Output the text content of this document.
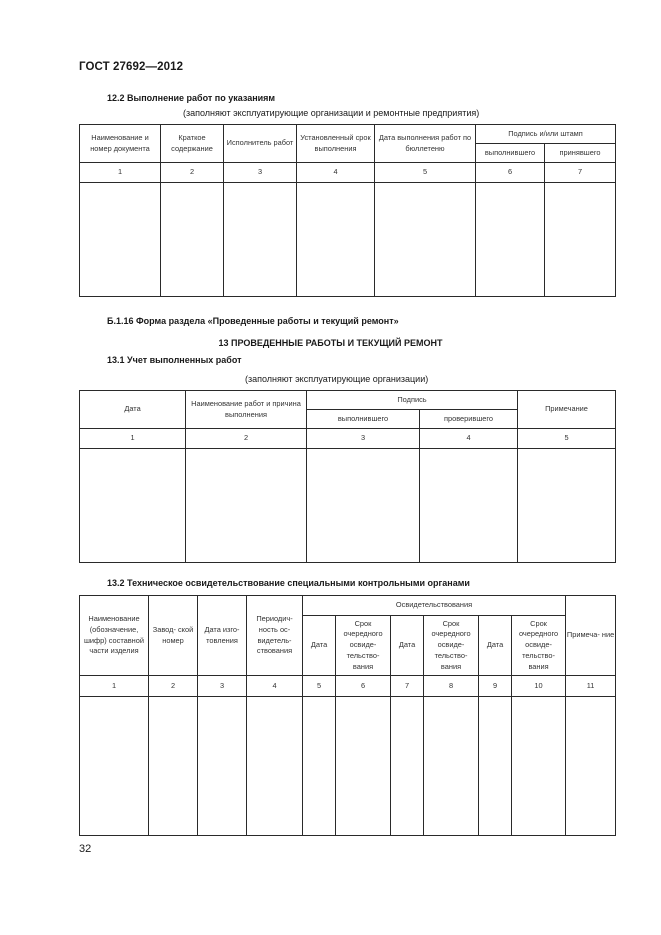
ГОСТ 27692—2012
12.2 Выполнение работ по указаниям
(заполняют эксплуатирующие организации и ремонтные предприятия)
Наименование и номер документа	Краткое содержание	Исполнитель работ	Установленный срок выполнения	Дата выполнения работ по бюллетеню	Подпись и/или штамп	
					выполнившего	принявшего
1	2	3	4	5	6	7

Б.1.16 Форма раздела «Проведенные работы и текущий ремонт»
13 ПРОВЕДЕННЫЕ РАБОТЫ И ТЕКУЩИЙ РЕМОНТ
13.1 Учет выполненных работ
(заполняют эксплуатирующие организации)
Дата	Наименование работ и причина выполнения	Подпись		Примечание
		выполнившего	проверившего	
1	2	3	4	5

13.2 Техническое освидетельствование специальными контрольными органами
Наименование (обозначение, шифр) составной части изделия	Завод- ской номер	Дата изго- товления	Периодич- ность ос- видетель- ствования	Освидетельствования						Примеча- ние
				Дата	Срок очередного освиде- тельство- вания	Дата	Срок очередного освиде- тельство- вания	Дата	Срок очередного освиде- тельство- вания	
1	2	3	4	5	6	7	8	9	10	11

32
